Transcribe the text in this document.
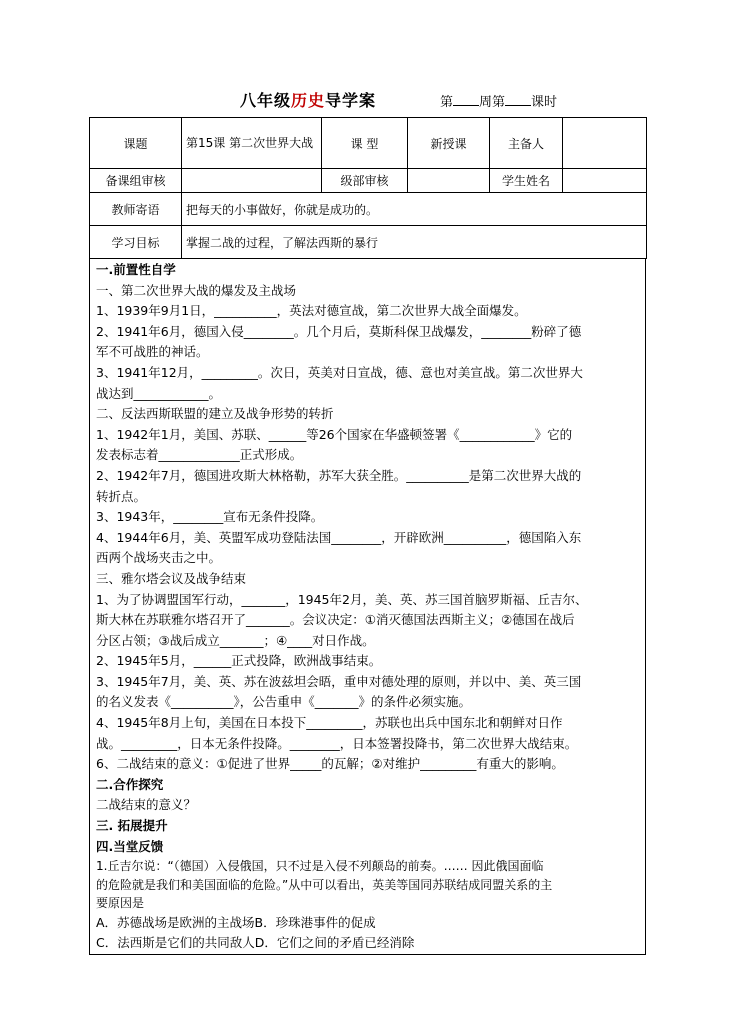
八年级历史导学案	第 周第 课时
课题	第15课 第二次世界大战	课 型	新授课	主备人	
备课组审核		级部审核		学生姓名	
教师寄语	把每天的小事做好，你就是成功的。				
学习目标	掌握二战的过程，了解法西斯的暴行				

一.前置性自学

一、第二次世界大战的爆发及主战场

1、1939年9月1日，__________，英法对德宣战，第二次世界大战全面爆发。

2、1941年6月，德国入侵________。几个月后，莫斯科保卫战爆发，________粉碎了德

军不可战胜的神话。

3、1941年12月，_________。次日，英美对日宣战，德、意也对美宣战。第二次世界大

战达到____________。

二、反法西斯联盟的建立及战争形势的转折

1、1942年1月，美国、苏联、______等26个国家在华盛顿签署《____________》它的

发表标志着_____________正式形成。

2、1942年7月，德国进攻斯大林格勒，苏军大获全胜。__________是第二次世界大战的

转折点。

3、1943年，________宣布无条件投降。

4、1944年6月，美、英盟军成功登陆法国________，开辟欧洲__________，德国陷入东

西两个战场夹击之中。

三、雅尔塔会议及战争结束

1、为了协调盟国军行动，_______，1945年2月，美、英、苏三国首脑罗斯福、丘吉尔、

斯大林在苏联雅尔塔召开了_______。会议决定：①消灭德国法西斯主义；②德国在战后

分区占领；③战后成立_______；④____对日作战。

2、1945年5月，______正式投降，欧洲战事结束。

3、1945年7月，美、英、苏在波兹坦会晤，重申对德处理的原则，并以中、美、英三国

的名义发表《__________》，公告重申《_______》的条件必须实施。

4、1945年8月上旬，美国在日本投下_________，苏联也出兵中国东北和朝鲜对日作

战。_________，日本无条件投降。________，日本签署投降书，第二次世界大战结束。

6、二战结束的意义：①促进了世界_____的瓦解；②对维护_________有重大的影响。

二.合作探究

二战结束的意义？

三. 拓展提升

四.当堂反馈

1.丘吉尔说：“（德国）入侵俄国，只不过是入侵不列颠岛的前奏。…… 因此俄国面临

的危险就是我们和美国面临的危险。”从中可以看出，英美等国同苏联结成同盟关系的主

要原因是

A．苏德战场是欧洲的主战场B．珍珠港事件的促成

C．法西斯是它们的共同敌人D．它们之间的矛盾已经消除
